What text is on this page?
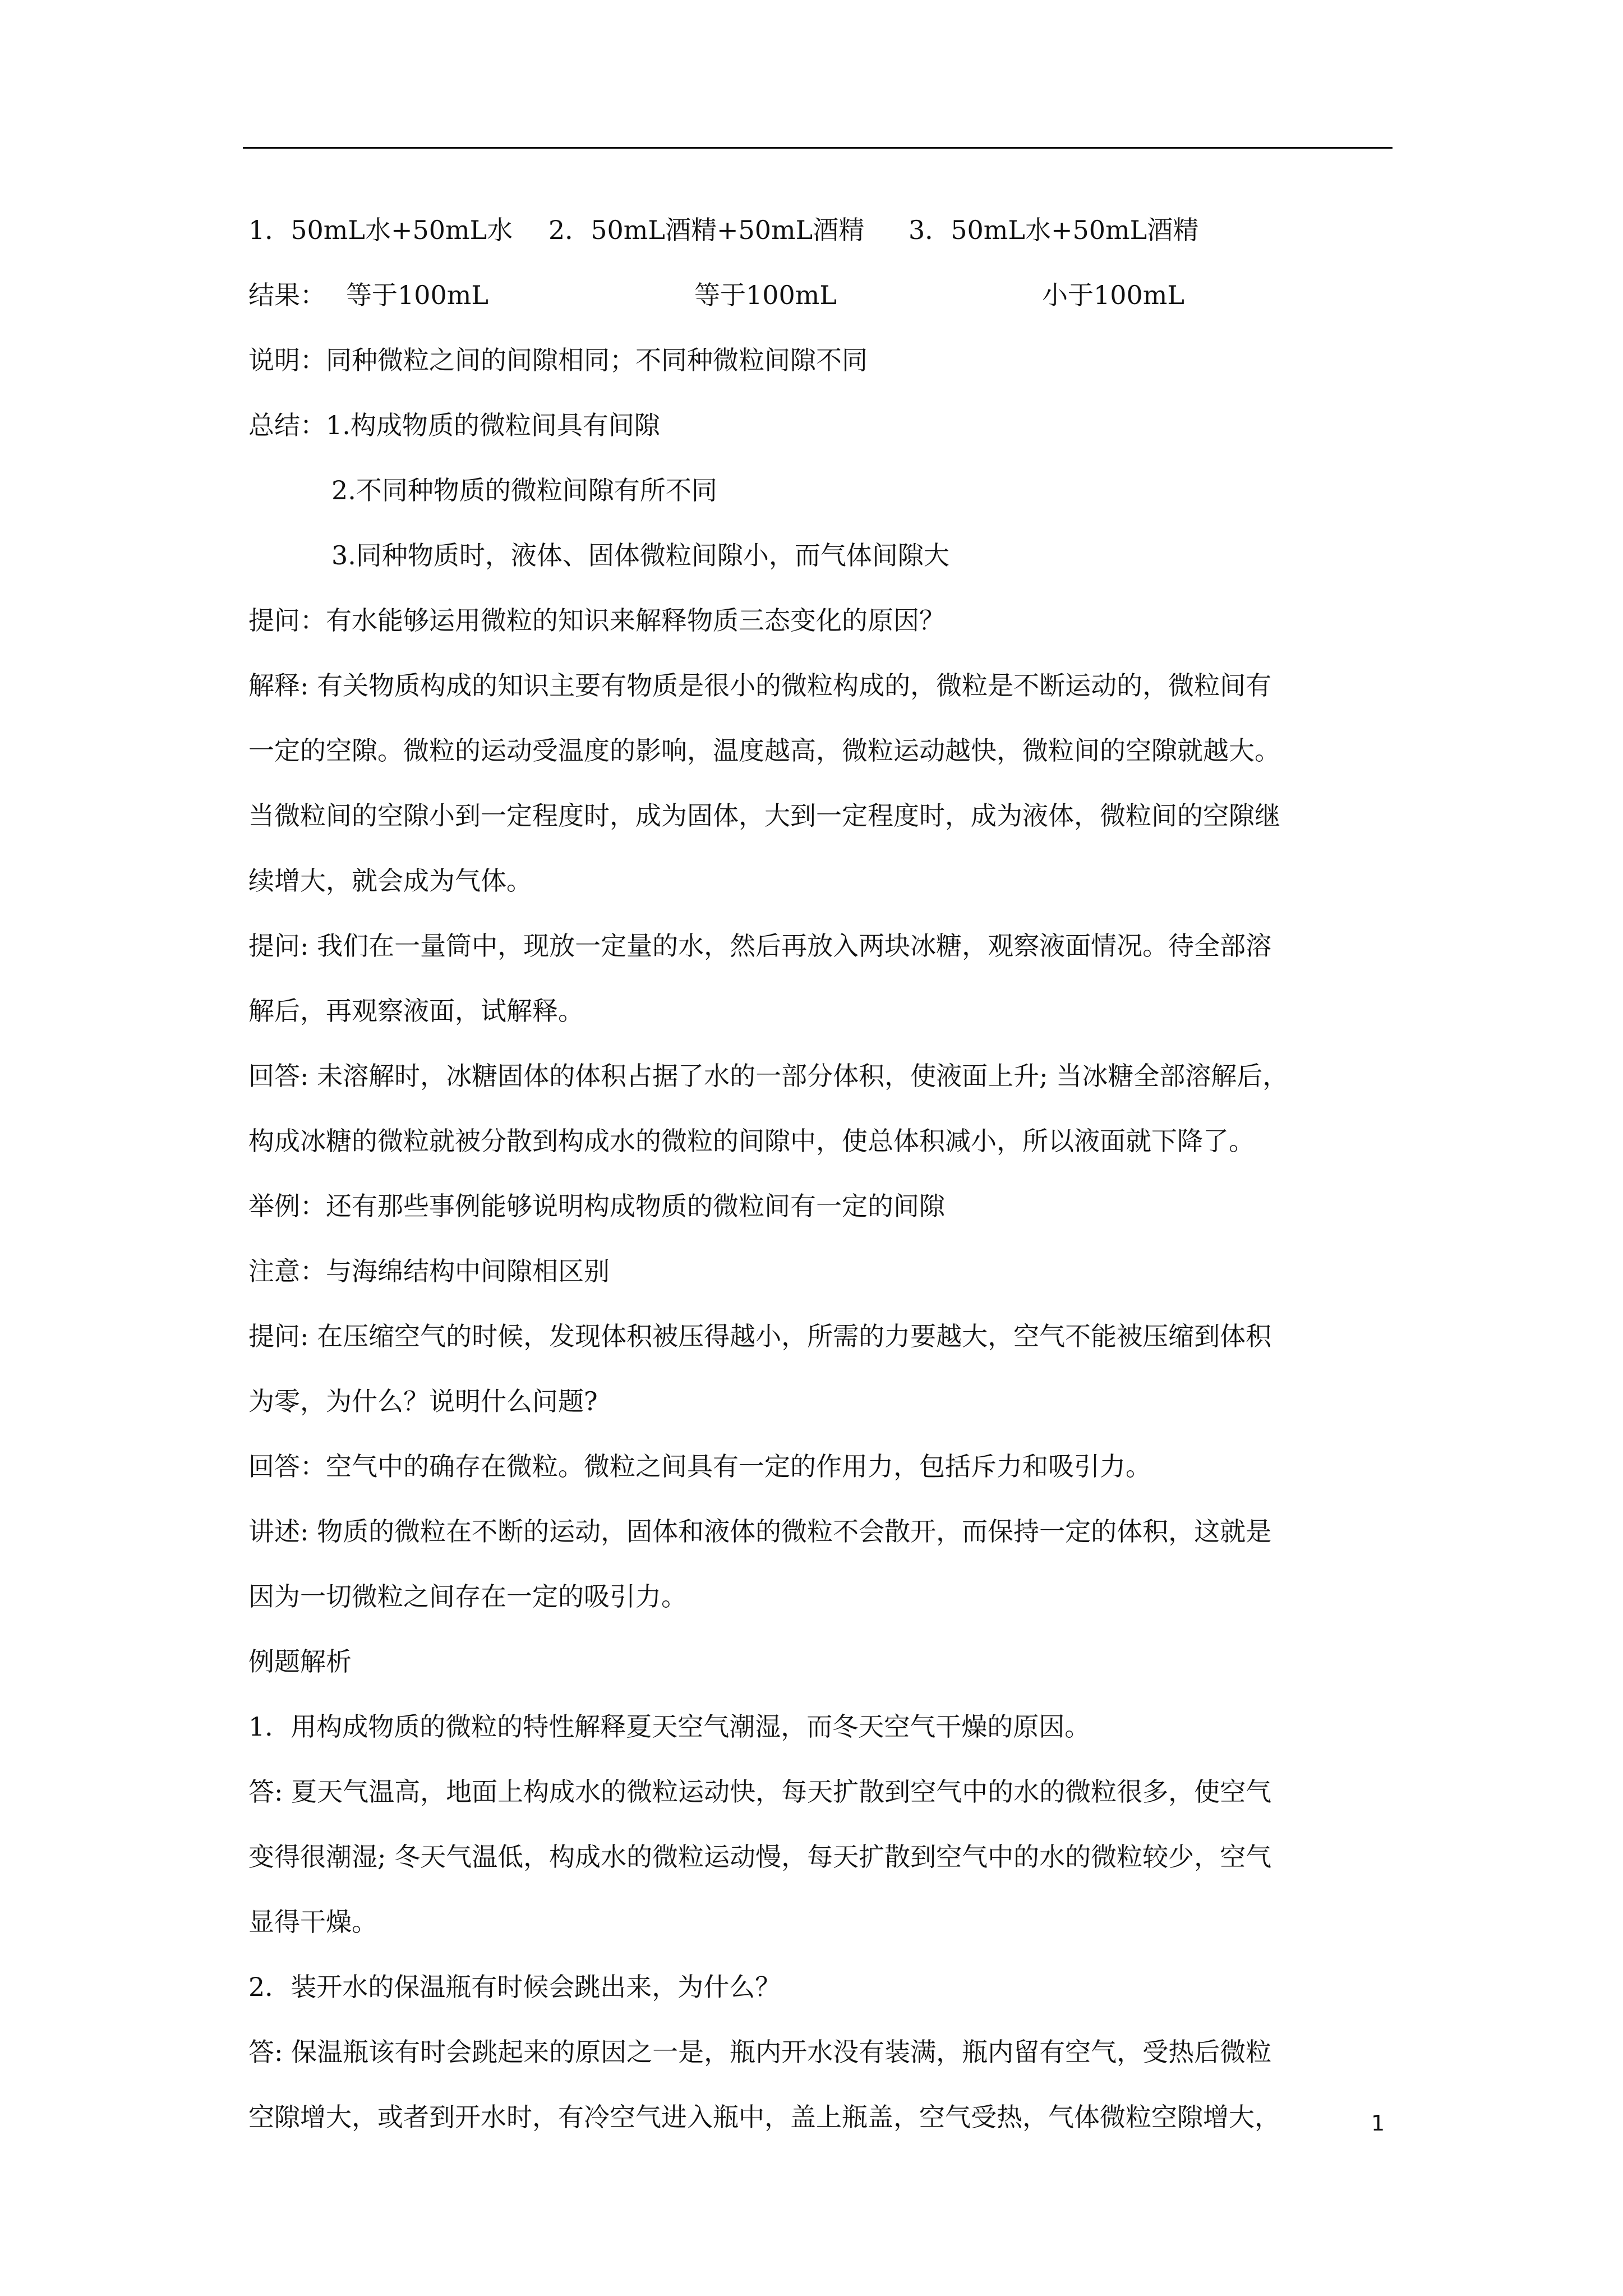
1．50mL水+50mL水 2．50mL酒精+50mL酒精 3．50mL水+50mL酒精
结果： 等于100mL	等于100mL	小于100mL
说明：同种微粒之间的间隙相同；不同种微粒间隙不同
总结：1.构成物质的微粒间具有间隙
2.不同种物质的微粒间隙有所不同
3.同种物质时，液体、固体微粒间隙小，而气体间隙大
提问：有水能够运用微粒的知识来解释物质三态变化的原因？
解释: 有关物质构成的知识主要有物质是很小的微粒构成的，微粒是不断运动的，微粒间有
一定的空隙。微粒的运动受温度的影响，温度越高，微粒运动越快，微粒间的空隙就越大。
当微粒间的空隙小到一定程度时，成为固体，大到一定程度时，成为液体，微粒间的空隙继
续增大，就会成为气体。
提问: 我们在一量筒中，现放一定量的水，然后再放入两块冰糖，观察液面情况。待全部溶
解后，再观察液面，试解释。
回答: 未溶解时，冰糖固体的体积占据了水的一部分体积，使液面上升; 当冰糖全部溶解后，
构成冰糖的微粒就被分散到构成水的微粒的间隙中，使总体积减小，所以液面就下降了。
举例：还有那些事例能够说明构成物质的微粒间有一定的间隙
注意：与海绵结构中间隙相区别
提问: 在压缩空气的时候，发现体积被压得越小，所需的力要越大，空气不能被压缩到体积
为零，为什么？说明什么问题?
回答：空气中的确存在微粒。微粒之间具有一定的作用力，包括斥力和吸引力。
讲述: 物质的微粒在不断的运动，固体和液体的微粒不会散开，而保持一定的体积，这就是
因为一切微粒之间存在一定的吸引力。
例题解析
1．用构成物质的微粒的特性解释夏天空气潮湿，而冬天空气干燥的原因。
答: 夏天气温高，地面上构成水的微粒运动快，每天扩散到空气中的水的微粒很多，使空气
变得很潮湿; 冬天气温低，构成水的微粒运动慢，每天扩散到空气中的水的微粒较少，空气
显得干燥。
2．装开水的保温瓶有时候会跳出来，为什么？
答: 保温瓶该有时会跳起来的原因之一是，瓶内开水没有装满，瓶内留有空气，受热后微粒
空隙增大，或者到开水时，有冷空气进入瓶中，盖上瓶盖，空气受热，气体微粒空隙增大，	1
